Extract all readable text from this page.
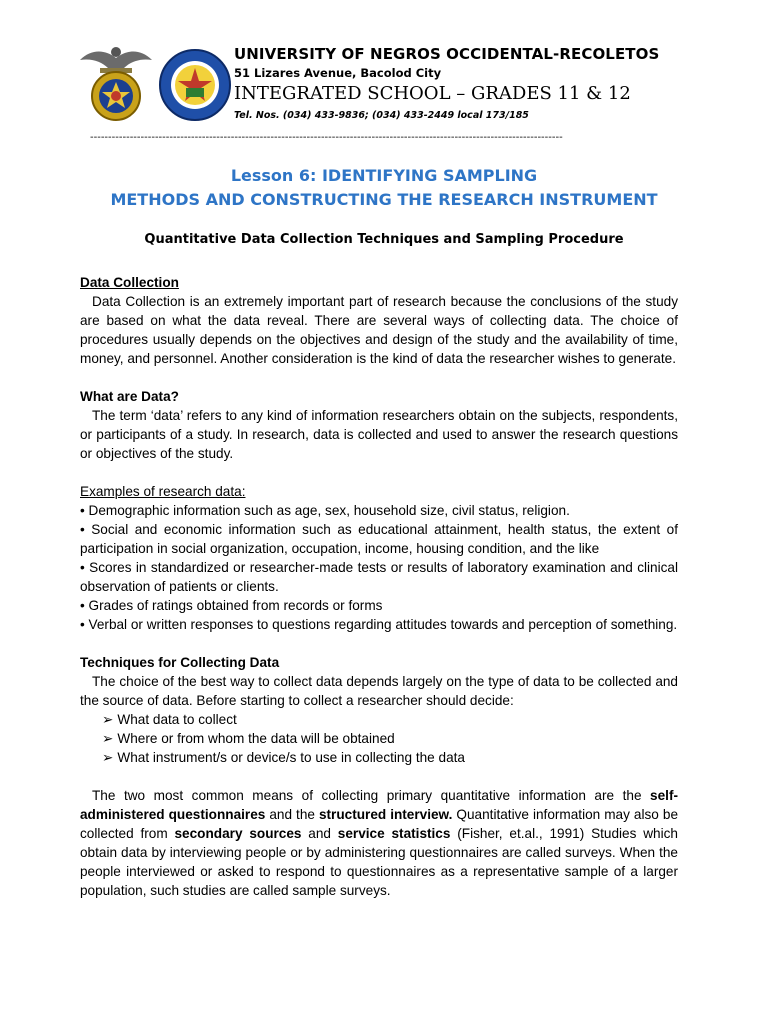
UNIVERSITY OF NEGROS OCCIDENTAL-RECOLETOS
51 Lizares Avenue, Bacolod City
INTEGRATED SCHOOL – GRADES 11 & 12
Tel. Nos. (034) 433-9836; (034) 433-2449 local 173/185
-----------------------------------------------------------------------------------------------------------------------------------
Lesson 6: IDENTIFYING SAMPLING
METHODS AND CONSTRUCTING THE RESEARCH INSTRUMENT
Quantitative Data Collection Techniques and Sampling Procedure

Data Collection

Data Collection is an extremely important part of research because the conclusions of the study are based on what the data reveal. There are several ways of collecting data. The choice of procedures usually depends on the objectives and design of the study and the availability of time, money, and personnel. Another consideration is the kind of data the researcher wishes to generate.

What are Data?

The term ‘data’ refers to any kind of information researchers obtain on the subjects, respondents, or participants of a study. In research, data is collected and used to answer the research questions or objectives of the study.

Examples of research data:

• Demographic information such as age, sex, household size, civil status, religion.

• Social and economic information such as educational attainment, health status, the extent of participation in social organization, occupation, income, housing condition, and the like

• Scores in standardized or researcher-made tests or results of laboratory examination and clinical observation of patients or clients.

• Grades of ratings obtained from records or forms

• Verbal or written responses to questions regarding attitudes towards and perception of something.

Techniques for Collecting Data

The choice of the best way to collect data depends largely on the type of data to be collected and the source of data. Before starting to collect a researcher should decide:

➢ What data to collect
➢ Where or from whom the data will be obtained
➢ What instrument/s or device/s to use in collecting the data

The two most common means of collecting primary quantitative information are the self-administered questionnaires and the structured interview. Quantitative information may also be collected from secondary sources and service statistics (Fisher, et.al., 1991) Studies which obtain data by interviewing people or by administering questionnaires are called surveys. When the people interviewed or asked to respond to questionnaires as a representative sample of a larger population, such studies are called sample surveys.
